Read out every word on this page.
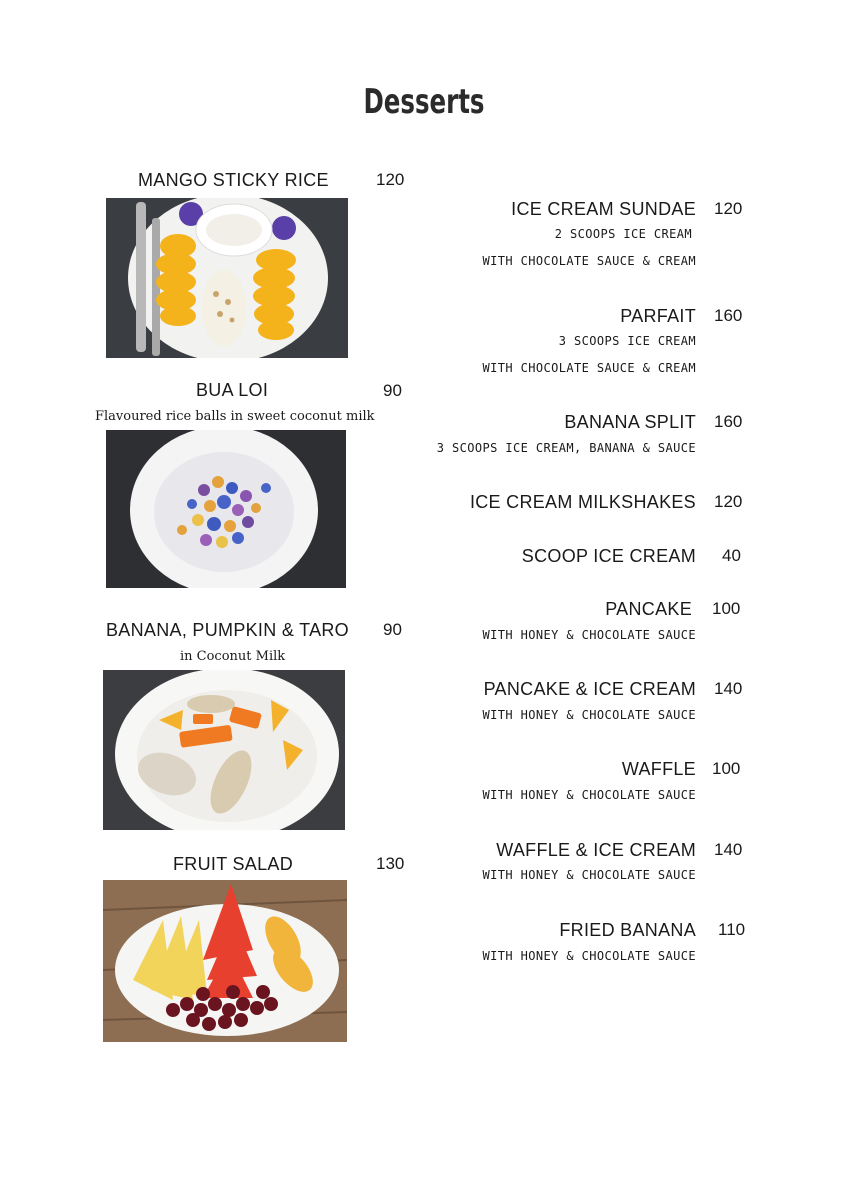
Desserts
MANGO STICKY RICE	120
BUA LOI	90
Flavoured rice balls in sweet coconut milk
BANANA, PUMPKIN & TARO 90
in Coconut Milk
FRUIT SALAD	130
ICE CREAM SUNDAE 120
2 SCOOPS ICE CREAM
WITH CHOCOLATE SAUCE & CREAM
PARFAIT 160
3 SCOOPS ICE CREAM
WITH CHOCOLATE SAUCE & CREAM
BANANA SPLIT 160
3 SCOOPS ICE CREAM, BANANA & SAUCE
ICE CREAM MILKSHAKES 120
SCOOP ICE CREAM 40
PANCAKE 100
WITH HONEY & CHOCOLATE SAUCE
PANCAKE & ICE CREAM 140
WITH HONEY & CHOCOLATE SAUCE
WAFFLE 100
WITH HONEY & CHOCOLATE SAUCE
WAFFLE & ICE CREAM 140
WITH HONEY & CHOCOLATE SAUCE
FRIED BANANA 110
WITH HONEY & CHOCOLATE SAUCE
